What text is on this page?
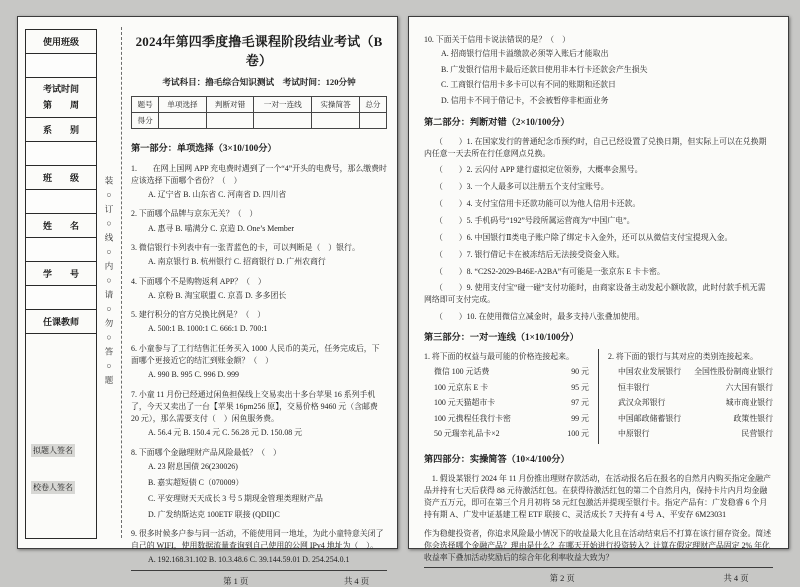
使用班级
考试时间
第　　周
系　　别
班　　级
姓　　名
学　　号
任课教师
拟题人签名
校卷人签名
装○订○线○内○请○勿○答○题
2024年第四季度撸毛课程阶段结业考试（B卷）
考试科目：撸毛综合知识测试　考试时间：120分钟
题号	单项选择	判断对错	一对一连线	实操简答	总分
得分					
第一部分：单项选择（3×10/100分）

1.　　在网上国网 APP 充电费时遇到了一个“4”开头的电费号，那么缴费时应该选择下面哪个省份？（　）

A. 辽宁省 B. 山东省 C. 河南省 D. 四川省

2. 下面哪个品牌与京东无关？（　）

A. 惠寻 B. 喵满分 C. 京造 D. One’s Member

3. 微信银行卡列表中有一张青蓝色的卡，可以判断是（　）银行。

A. 南京银行 B. 杭州银行 C. 招商银行 D. 广州农商行

4. 下面哪个不是购物返利 APP？（　）

A. 京粉 B. 淘宝联盟 C. 京喜 D. 多多团长

5. 建行积分的官方兑换比例是？（　）

A. 500:1 B. 1000:1 C. 666:1 D. 700:1

6. 小童参与了工行结售汇任务买入 1000 人民币的美元，任务完成后，下面哪个更接近它的结汇到账金额？（　）

A. 990 B. 995 C. 996 D. 999

7. 小童 11 月份已经通过闲鱼担保线上交易卖出十多台苹果 16 系列手机了，今天又卖出了一台【苹果 16pm256 原】，交易价格 9460 元（含邮费 20 元），那么需要支付（　）闲鱼服务费。

A. 56.4 元 B. 150.4 元 C. 56.28 元 D. 150.08 元

8. 下面哪个金融理财产品风险最低？（　）

A. 23 附息国债 26(230026)

B. 嘉实超短债 C（070009）

C. 平安理财天天成长 3 号 5 期现金管理类理财产品

D. 广发纳斯达克 100ETF 联接 (QDII)C

9. 很多时候多户参与同一活动，不能使用同一地址，为此小童特意关闭了自己的 WIFI，使用数据流量查询到自己使用的公网 IPv4 地址为（　）。

A. 192.168.31.102 B. 10.3.48.6 C. 39.144.59.01 D. 254.254.0.1

第 1 页	共 4 页

10. 下面关于信用卡说法错误的是？（　）

A. 招商银行信用卡溢缴款必须等入账后才能取出

B. 广发银行信用卡最后还款日使用非本行卡还款会产生损失

C. 工商银行信用卡多卡可以有不同的账期和还款日

D. 信用卡不同于借记卡，不会被暂停非柜面业务

第二部分：判断对错（2×10/100分）

（　　）1. 在国家发行的普通纪念币预约时，自己已经设置了兑换日期，但实际上可以在兑换期内任意一天去所在行任意网点兑换。

（　　）2. 云闪付 APP 建行虚拟定位领券，大概率会黑号。

（　　）3. 一个人最多可以注册五个支付宝账号。

（　　）4. 支付宝信用卡还款功能可以为他人信用卡还款。

（　　）5. 手机码号“192”号段所属运营商为“中国广电”。

（　　）6. 中国银行Ⅱ类电子账户除了绑定卡入金外，还可以从微信支付宝提现入金。

（　　）7. 银行借记卡在被冻结后无法接受资金入账。

（　　）8. “C2S2-2029-B46E-A2BA”有可能是一张京东 E 卡卡密。

（　　）9. 使用支付宝“碰一碰”支付功能时，由商家设备主动发起小额收款，此时付款手机无需网络即可支付完成。

（　　）10. 在使用微信立减金时，最多支持八张叠加使用。

第三部分：一对一连线（1×10/100分）

1. 将下面的权益与最可能的价格连接起来。

微信 100 元话费	90 元
100 元京东 E 卡	95 元
100 元天猫超市卡	97 元
100 元携程任我行卡密	99 元
50 元瑞幸礼品卡×2	100 元

2. 将下面的银行与其对应的类别连接起来。

中国农业发展银行 全国性股份制商业银行
恒丰银行	六大国有银行
武汉众邦银行	城市商业银行
中国邮政储蓄银行	政策性银行
中原银行	民营银行
第四部分：实操简答（10×4/100分）

1. 假设某银行 2024 年 11 月份推出理财存款活动，在活动报名后在报名的自然月内购买指定金融产品并持有七天后获得 88 元待激活红包。在获得待激活红包的第二个自然月内，保持卡片内月均金融资产五万元，即可在第三个月月初将 58 元红包激活并提现至银行卡。指定产品有：广发稳睿 6 个月持有期 A、广发中证基建工程 ETF 联接 C、灵活成长 7 天持有 4 号 A、平安存 6M23031

作为稳健投资者，你追求风险最小情况下的收益最大化且在活动结束后不打算在该行留存资金。简述你会选择哪个金融产品？理由是什么？在哪天开始进行投资转入？计算在假定理财产品固定 2% 年化收益率下叠加活动奖励后的综合年化利率收益大致为？

第 2 页	共 4 页
